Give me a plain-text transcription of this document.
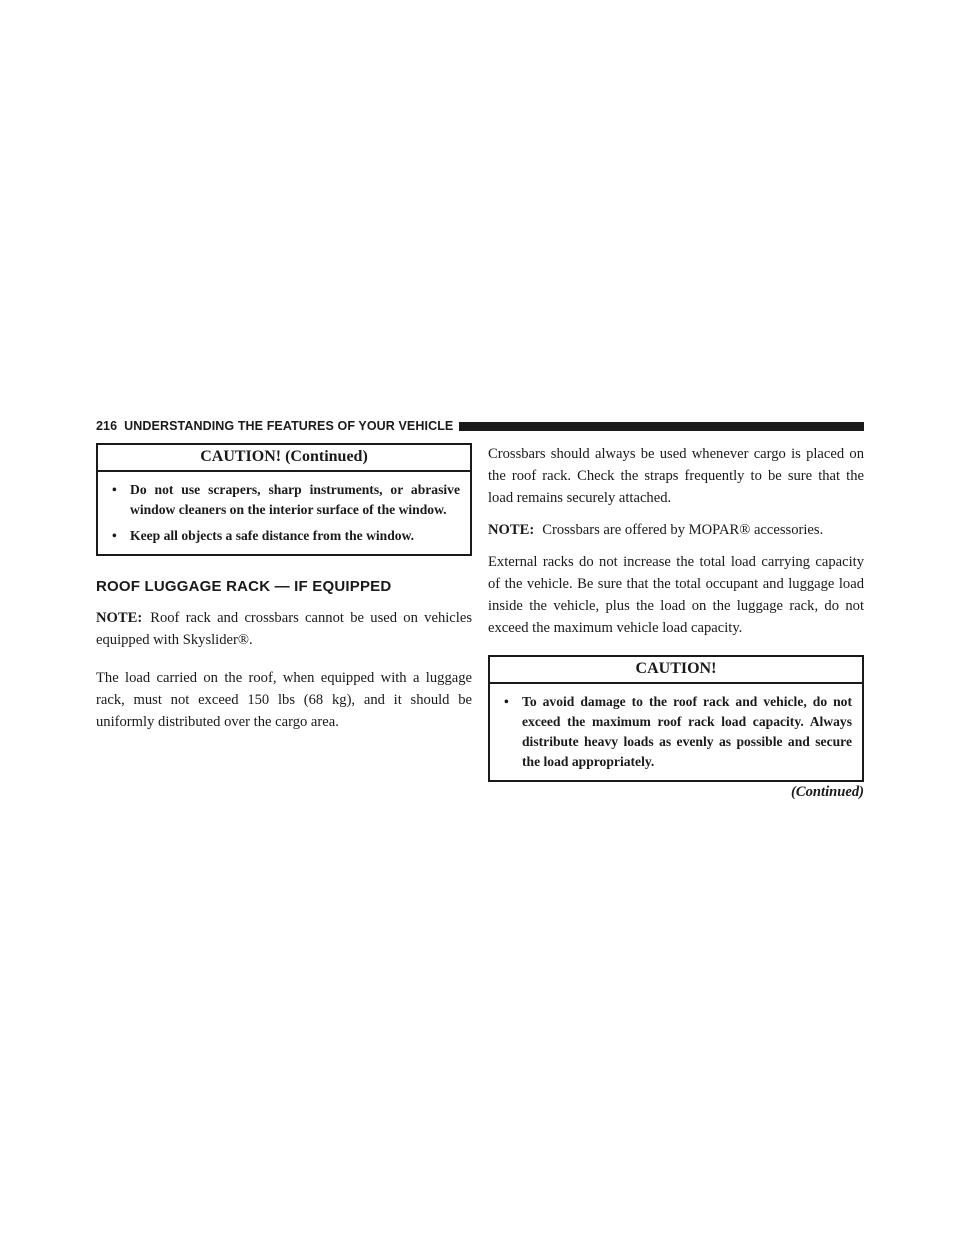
216 UNDERSTANDING THE FEATURES OF YOUR VEHICLE
CAUTION! (Continued)
• Do not use scrapers, sharp instruments, or abrasive window cleaners on the interior surface of the window.
• Keep all objects a safe distance from the window.
ROOF LUGGAGE RACK — IF EQUIPPED

NOTE: Roof rack and crossbars cannot be used on vehicles equipped with Skyslider®.

The load carried on the roof, when equipped with a luggage rack, must not exceed 150 lbs (68 kg), and it should be uniformly distributed over the cargo area.

Crossbars should always be used whenever cargo is placed on the roof rack. Check the straps frequently to be sure that the load remains securely attached.

NOTE: Crossbars are offered by MOPAR® accessories.

External racks do not increase the total load carrying capacity of the vehicle. Be sure that the total occupant and luggage load inside the vehicle, plus the load on the luggage rack, do not exceed the maximum vehicle load capacity.

CAUTION!
• To avoid damage to the roof rack and vehicle, do not exceed the maximum roof rack load capacity. Always distribute heavy loads as evenly as possible and secure the load appropriately.
(Continued)
